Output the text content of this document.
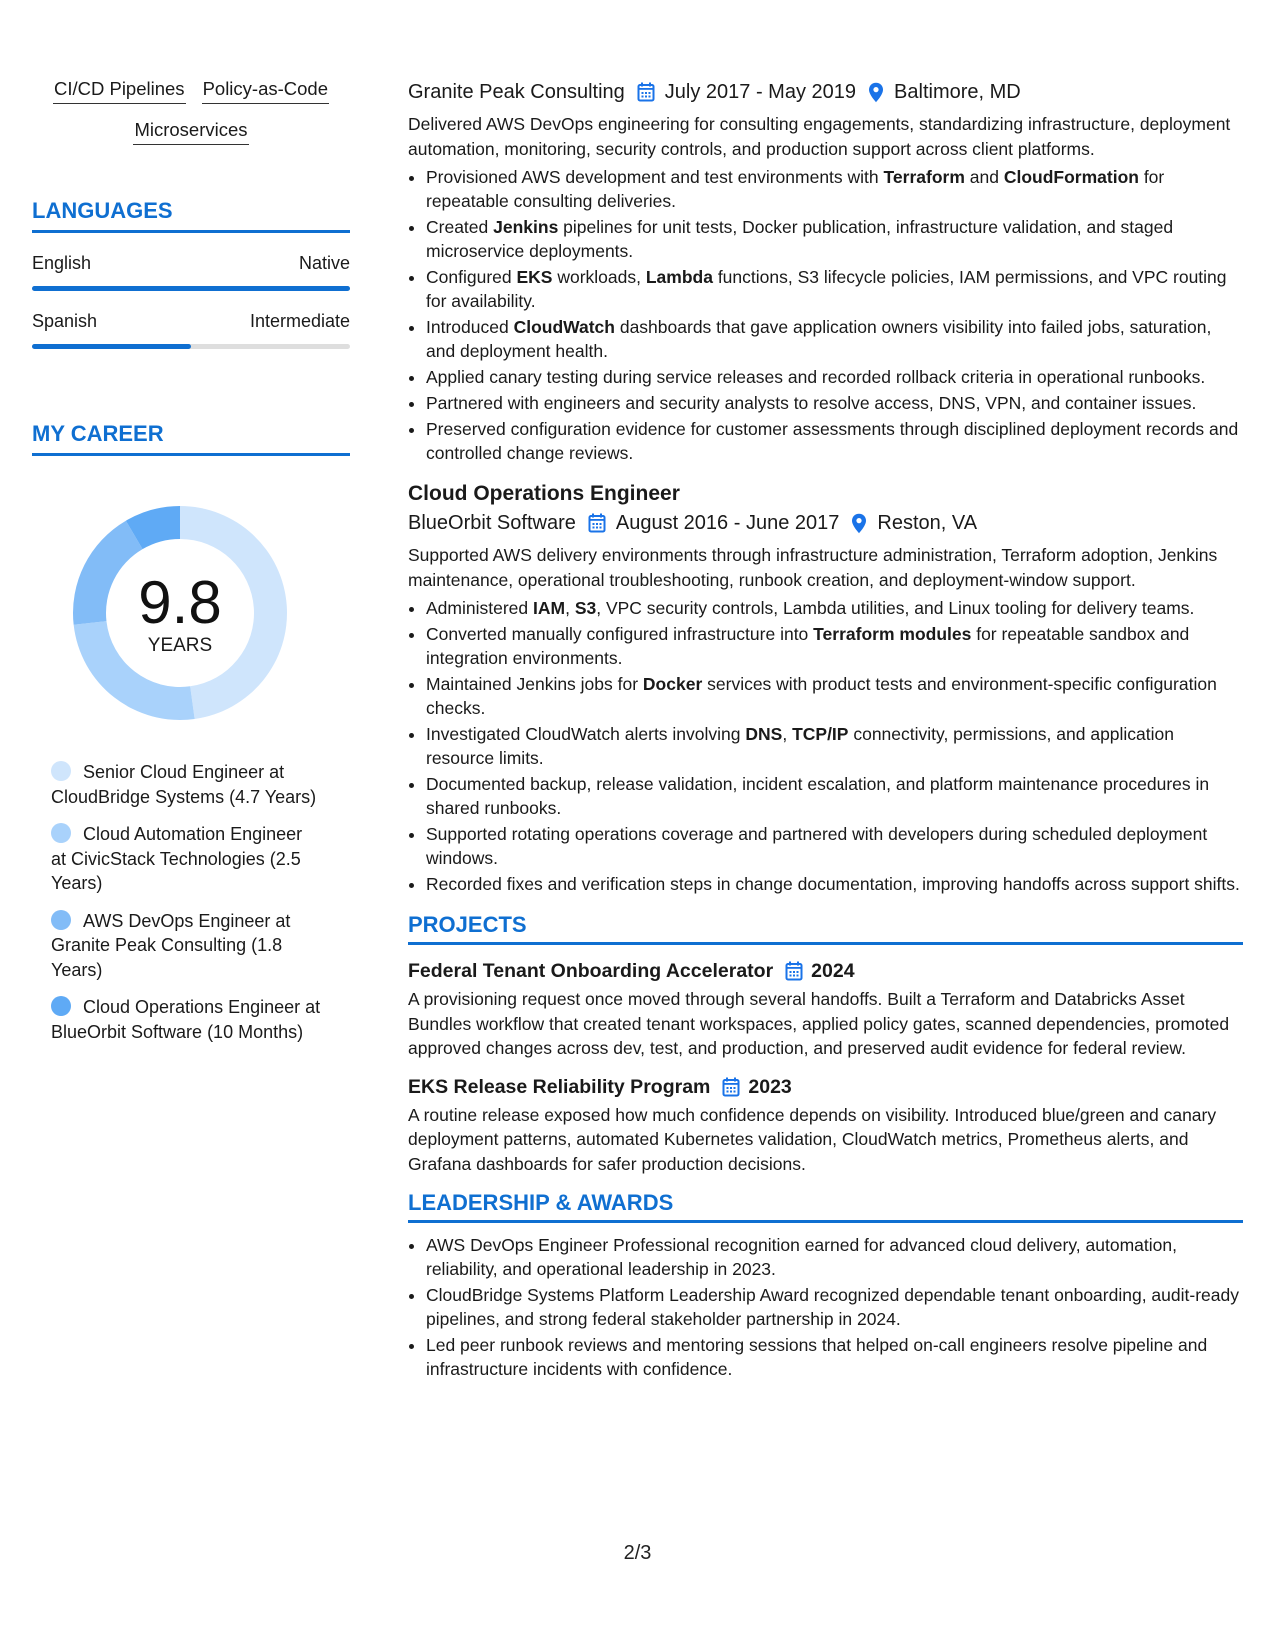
CI/CD Pipelines Policy-as-Code
Microservices
LANGUAGES
English	Native
Spanish	Intermediate
MY CAREER
9.8
YEARS
Senior Cloud Engineer at CloudBridge Systems (4.7 Years)
Cloud Automation Engineer at CivicStack Technologies (2.5 Years)
AWS DevOps Engineer at Granite Peak Consulting (1.8 Years)
Cloud Operations Engineer at BlueOrbit Software (10 Months)
Granite Peak Consulting July 2017 - May 2019 Baltimore, MD
Delivered AWS DevOps engineering for consulting engagements, standardizing infrastructure, deployment automation, monitoring, security controls, and production support across client platforms.
• Provisioned AWS development and test environments with Terraform and CloudFormation for repeatable consulting deliveries.
• Created Jenkins pipelines for unit tests, Docker publication, infrastructure validation, and staged microservice deployments.
• Configured EKS workloads, Lambda functions, S3 lifecycle policies, IAM permissions, and VPC routing for availability.
• Introduced CloudWatch dashboards that gave application owners visibility into failed jobs, saturation, and deployment health.
• Applied canary testing during service releases and recorded rollback criteria in operational runbooks.
• Partnered with engineers and security analysts to resolve access, DNS, VPN, and container issues.
• Preserved configuration evidence for customer assessments through disciplined deployment records and controlled change reviews.
Cloud Operations Engineer
BlueOrbit Software August 2016 - June 2017 Reston, VA
Supported AWS delivery environments through infrastructure administration, Terraform adoption, Jenkins maintenance, operational troubleshooting, runbook creation, and deployment-window support.
• Administered IAM, S3, VPC security controls, Lambda utilities, and Linux tooling for delivery teams.
• Converted manually configured infrastructure into Terraform modules for repeatable sandbox and integration environments.
• Maintained Jenkins jobs for Docker services with product tests and environment-specific configuration checks.
• Investigated CloudWatch alerts involving DNS, TCP/IP connectivity, permissions, and application resource limits.
• Documented backup, release validation, incident escalation, and platform maintenance procedures in shared runbooks.
• Supported rotating operations coverage and partnered with developers during scheduled deployment windows.
• Recorded fixes and verification steps in change documentation, improving handoffs across support shifts.
PROJECTS
Federal Tenant Onboarding Accelerator 2024
A provisioning request once moved through several handoffs. Built a Terraform and Databricks Asset Bundles workflow that created tenant workspaces, applied policy gates, scanned dependencies, promoted approved changes across dev, test, and production, and preserved audit evidence for federal review.
EKS Release Reliability Program 2023
A routine release exposed how much confidence depends on visibility. Introduced blue/green and canary deployment patterns, automated Kubernetes validation, CloudWatch metrics, Prometheus alerts, and Grafana dashboards for safer production decisions.
LEADERSHIP & AWARDS
• AWS DevOps Engineer Professional recognition earned for advanced cloud delivery, automation, reliability, and operational leadership in 2023.
• CloudBridge Systems Platform Leadership Award recognized dependable tenant onboarding, audit-ready pipelines, and strong federal stakeholder partnership in 2024.
• Led peer runbook reviews and mentoring sessions that helped on-call engineers resolve pipeline and infrastructure incidents with confidence.
2/3
